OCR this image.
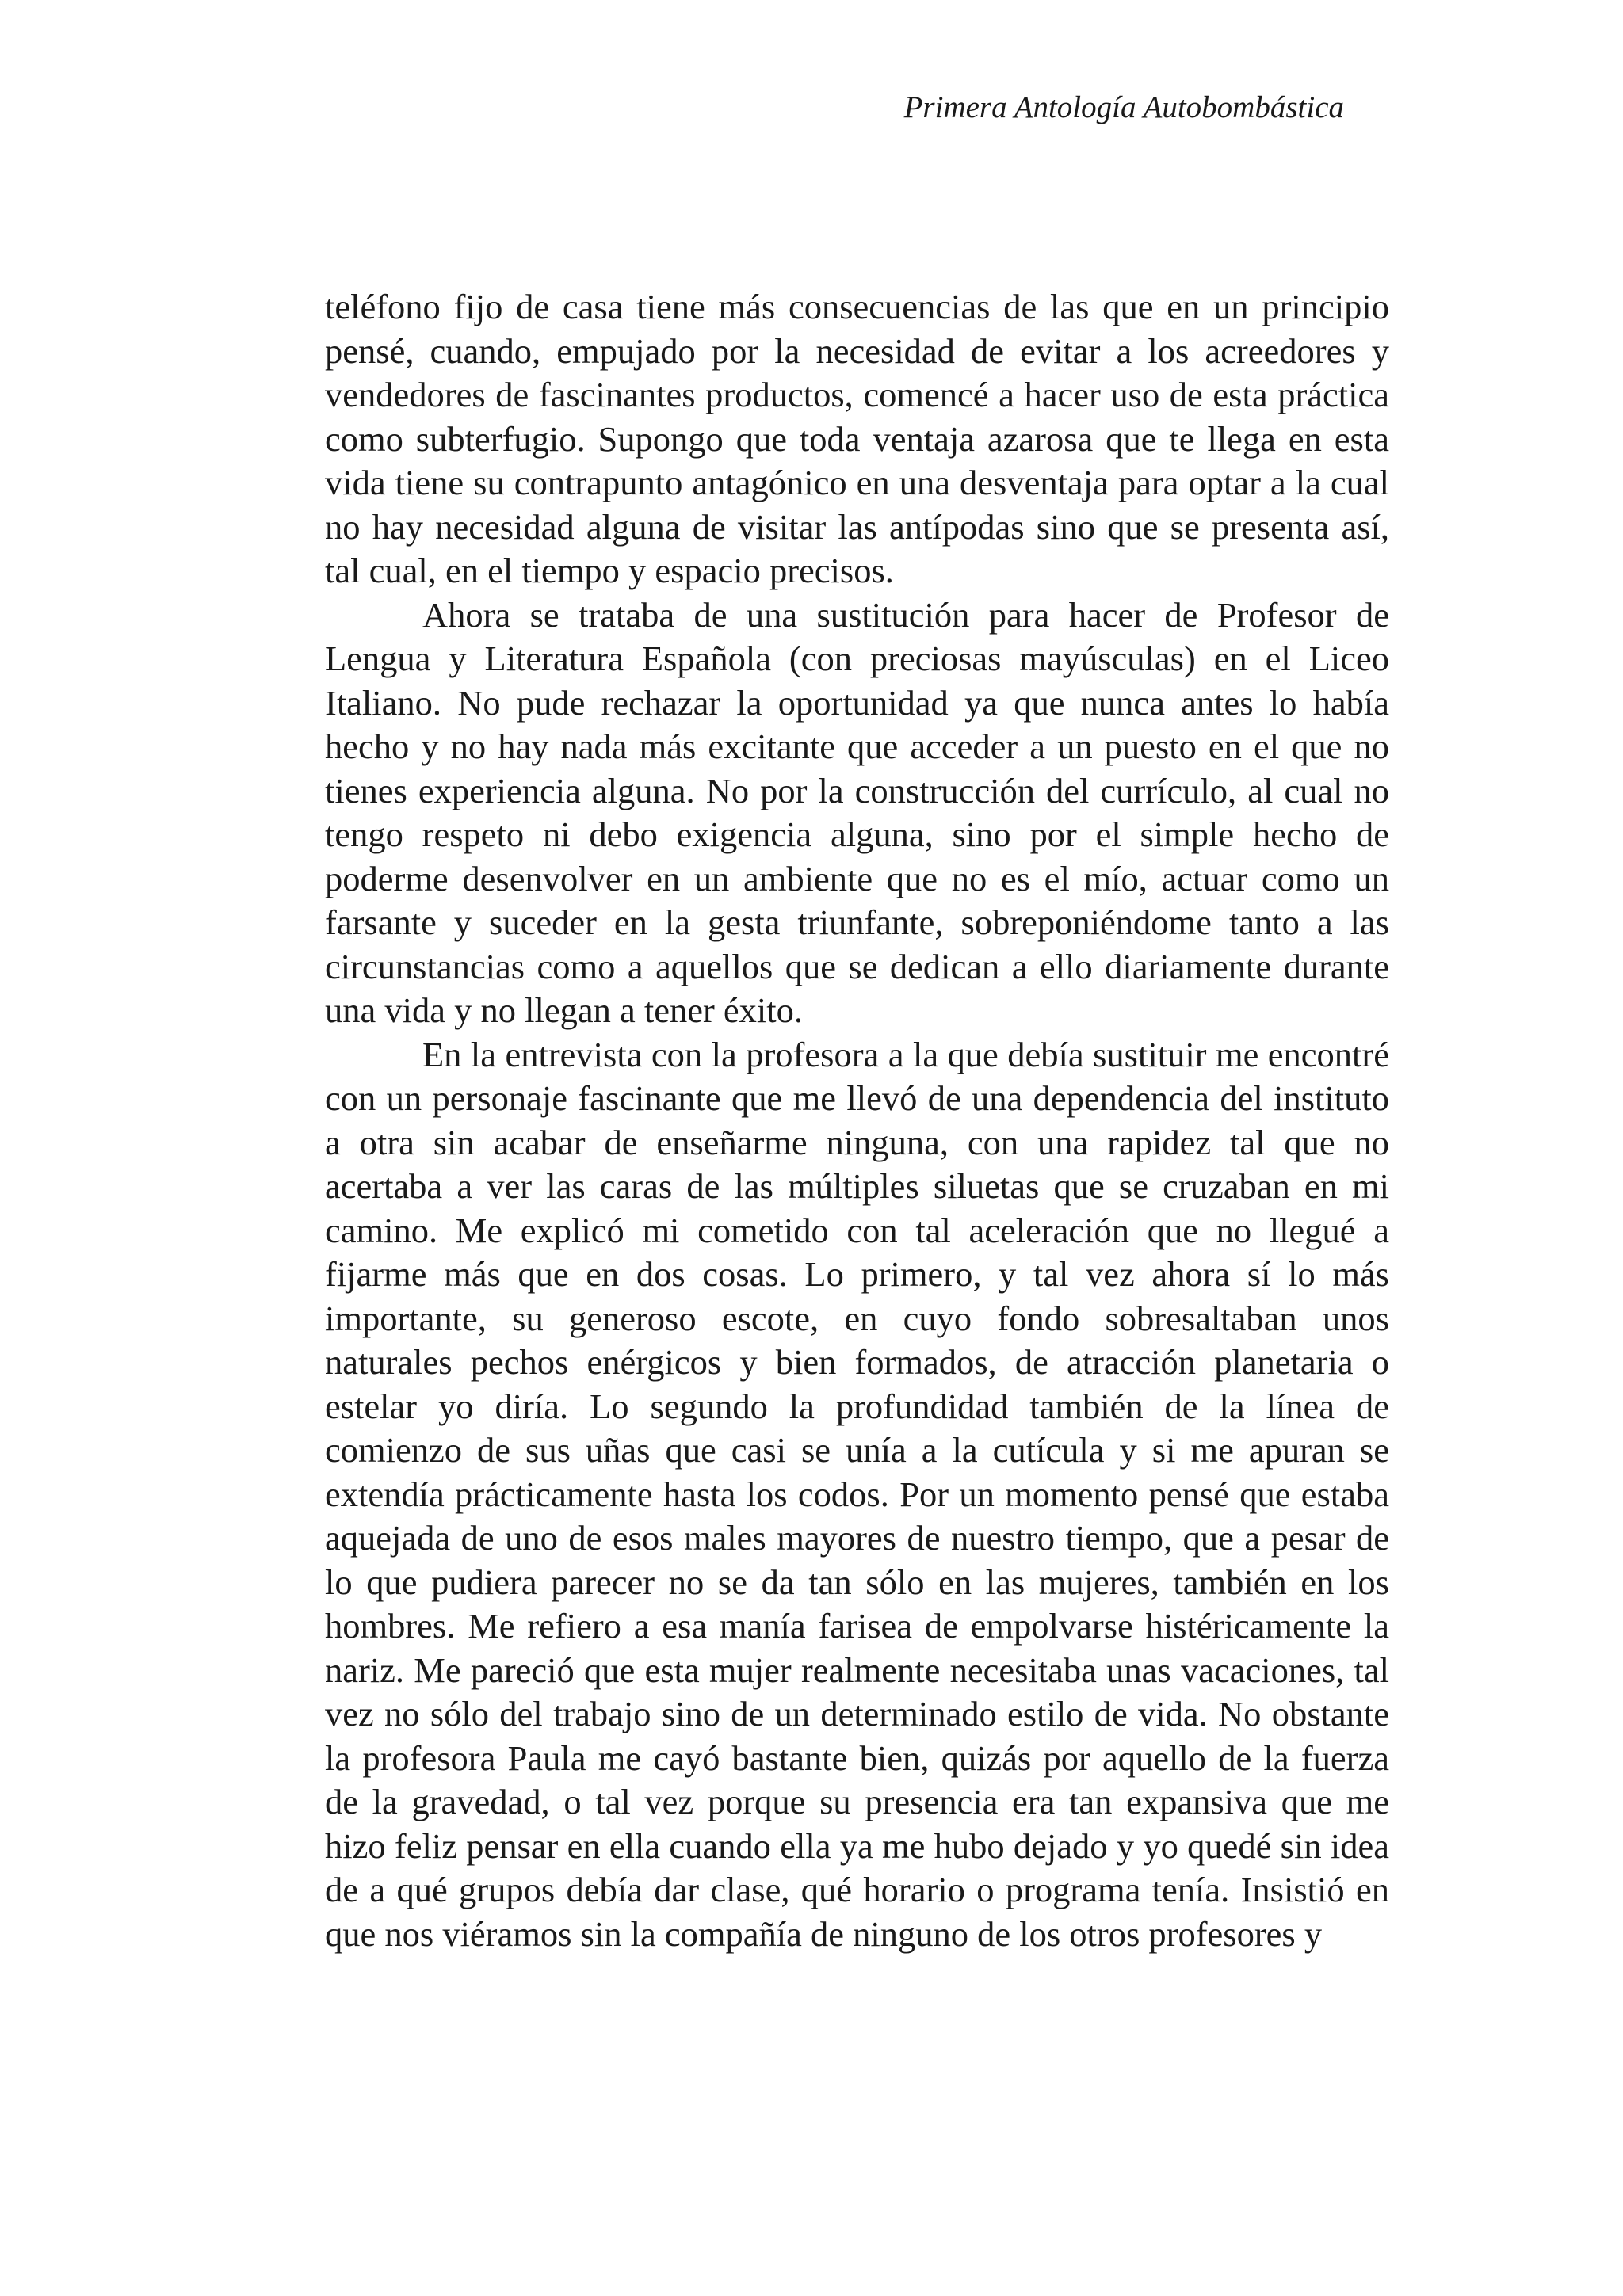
Primera Antología Autobombástica

teléfono fijo de casa tiene más consecuencias de las que en un principio pensé, cuando, empujado por la necesidad de evitar a los acreedores y vendedores de fascinantes productos, comencé a hacer uso de esta práctica como subterfugio. Supongo que toda ventaja azarosa que te llega en esta vida tiene su contrapunto antagónico en una desventaja para optar a la cual no hay necesidad alguna de visitar las antípodas sino que se presenta así, tal cual, en el tiempo y espacio precisos.

Ahora se trataba de una sustitución para hacer de Profesor de Lengua y Literatura Española (con preciosas mayúsculas) en el Liceo Italiano. No pude rechazar la oportunidad ya que nunca antes lo había hecho y no hay nada más excitante que acceder a un puesto en el que no tienes experiencia alguna. No por la construcción del currículo, al cual no tengo respeto ni debo exigencia alguna, sino por el simple hecho de poderme desenvolver en un ambiente que no es el mío, actuar como un farsante y suceder en la gesta triunfante, sobreponiéndome tanto a las circunstancias como a aquellos que se dedican a ello diariamente durante una vida y no llegan a tener éxito.

En la entrevista con la profesora a la que debía sustituir me encontré con un personaje fascinante que me llevó de una dependencia del instituto a otra sin acabar de enseñarme ninguna, con una rapidez tal que no acertaba a ver las caras de las múltiples siluetas que se cruzaban en mi camino. Me explicó mi cometido con tal aceleración que no llegué a fijarme más que en dos cosas. Lo primero, y tal vez ahora sí lo más importante, su generoso escote, en cuyo fondo sobresaltaban unos naturales pechos enérgicos y bien formados, de atracción planetaria o estelar yo diría. Lo segundo la profundidad también de la línea de comienzo de sus uñas que casi se unía a la cutícula y si me apuran se extendía prácticamente hasta los codos. Por un momento pensé que estaba aquejada de uno de esos males mayores de nuestro tiempo, que a pesar de lo que pudiera parecer no se da tan sólo en las mujeres, también en los hombres. Me refiero a esa manía farisea de empolvarse histéricamente la nariz. Me pareció que esta mujer realmente necesitaba unas vacaciones, tal vez no sólo del trabajo sino de un determinado estilo de vida. No obstante la profesora Paula me cayó bastante bien, quizás por aquello de la fuerza de la gravedad, o tal vez porque su presencia era tan expansiva que me hizo feliz pensar en ella cuando ella ya me hubo dejado y yo quedé sin idea de a qué grupos debía dar clase, qué horario o programa tenía. Insistió en que nos viéramos sin la compañía de ninguno de los otros profesores y
